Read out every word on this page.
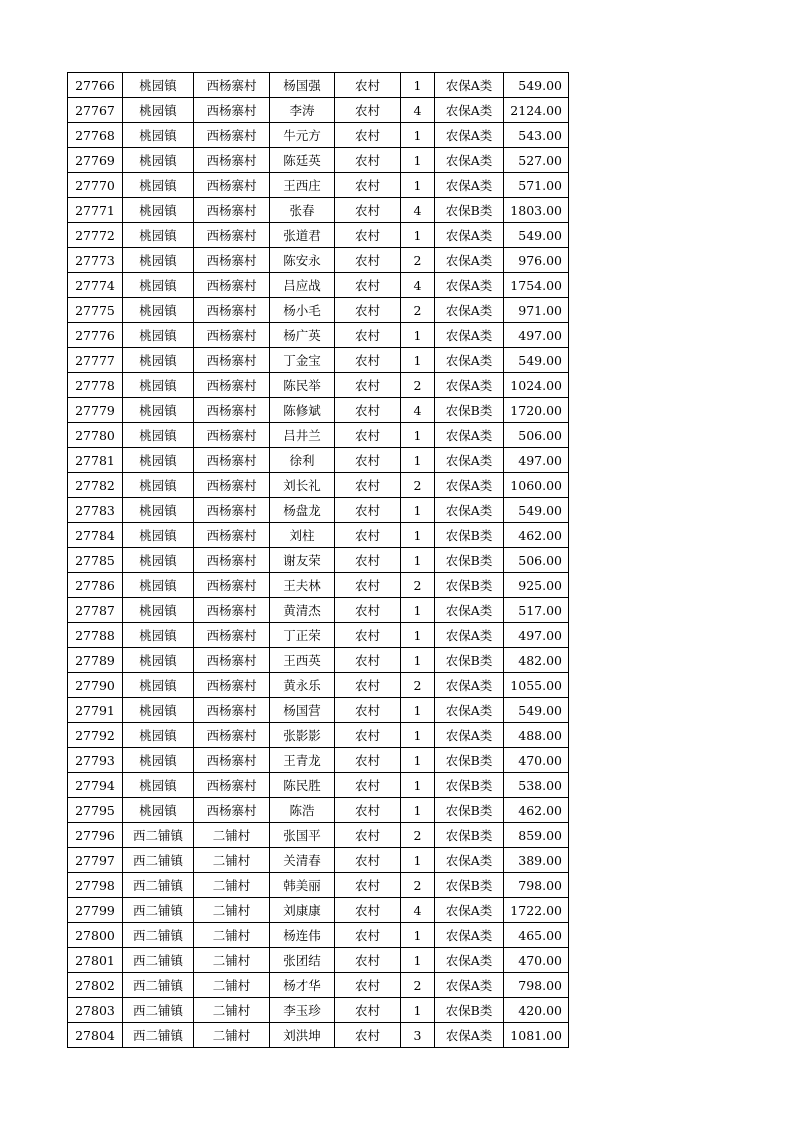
27766	桃园镇	西杨寨村	杨国强	农村	1	农保A类	549.00
27767	桃园镇	西杨寨村	李涛	农村	4	农保A类	2124.00
27768	桃园镇	西杨寨村	牛元方	农村	1	农保A类	543.00
27769	桃园镇	西杨寨村	陈廷英	农村	1	农保A类	527.00
27770	桃园镇	西杨寨村	王西庄	农村	1	农保A类	571.00
27771	桃园镇	西杨寨村	张春	农村	4	农保B类	1803.00
27772	桃园镇	西杨寨村	张道君	农村	1	农保A类	549.00
27773	桃园镇	西杨寨村	陈安永	农村	2	农保A类	976.00
27774	桃园镇	西杨寨村	吕应战	农村	4	农保A类	1754.00
27775	桃园镇	西杨寨村	杨小毛	农村	2	农保A类	971.00
27776	桃园镇	西杨寨村	杨广英	农村	1	农保A类	497.00
27777	桃园镇	西杨寨村	丁金宝	农村	1	农保A类	549.00
27778	桃园镇	西杨寨村	陈民举	农村	2	农保A类	1024.00
27779	桃园镇	西杨寨村	陈修斌	农村	4	农保B类	1720.00
27780	桃园镇	西杨寨村	吕井兰	农村	1	农保A类	506.00
27781	桃园镇	西杨寨村	徐利	农村	1	农保A类	497.00
27782	桃园镇	西杨寨村	刘长礼	农村	2	农保A类	1060.00
27783	桃园镇	西杨寨村	杨盘龙	农村	1	农保A类	549.00
27784	桃园镇	西杨寨村	刘柱	农村	1	农保B类	462.00
27785	桃园镇	西杨寨村	谢友荣	农村	1	农保B类	506.00
27786	桃园镇	西杨寨村	王夫林	农村	2	农保B类	925.00
27787	桃园镇	西杨寨村	黄清杰	农村	1	农保A类	517.00
27788	桃园镇	西杨寨村	丁正荣	农村	1	农保A类	497.00
27789	桃园镇	西杨寨村	王西英	农村	1	农保B类	482.00
27790	桃园镇	西杨寨村	黄永乐	农村	2	农保A类	1055.00
27791	桃园镇	西杨寨村	杨国营	农村	1	农保A类	549.00
27792	桃园镇	西杨寨村	张影影	农村	1	农保A类	488.00
27793	桃园镇	西杨寨村	王青龙	农村	1	农保B类	470.00
27794	桃园镇	西杨寨村	陈民胜	农村	1	农保B类	538.00
27795	桃园镇	西杨寨村	陈浩	农村	1	农保B类	462.00
27796	西二铺镇	二铺村	张国平	农村	2	农保B类	859.00
27797	西二铺镇	二铺村	关清春	农村	1	农保A类	389.00
27798	西二铺镇	二铺村	韩美丽	农村	2	农保B类	798.00
27799	西二铺镇	二铺村	刘康康	农村	4	农保A类	1722.00
27800	西二铺镇	二铺村	杨连伟	农村	1	农保A类	465.00
27801	西二铺镇	二铺村	张团结	农村	1	农保A类	470.00
27802	西二铺镇	二铺村	杨才华	农村	2	农保A类	798.00
27803	西二铺镇	二铺村	李玉珍	农村	1	农保B类	420.00
27804	西二铺镇	二铺村	刘洪坤	农村	3	农保A类	1081.00
